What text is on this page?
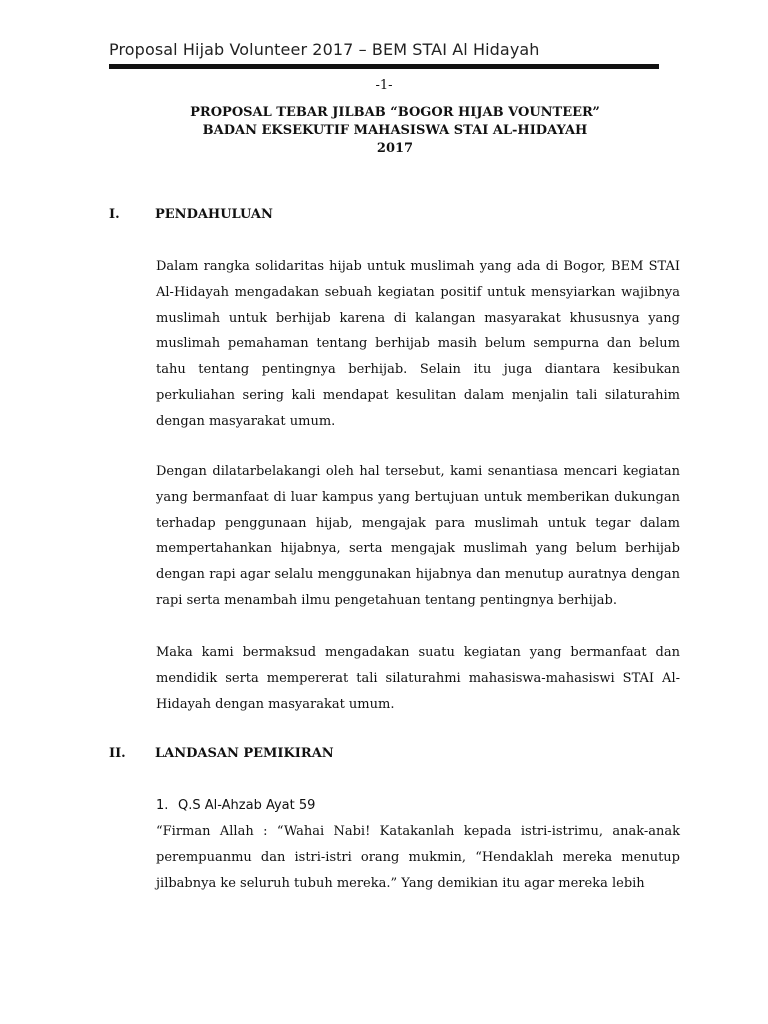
Proposal Hijab Volunteer 2017 – BEM STAI Al Hidayah
-1-
PROPOSAL TEBAR JILBAB “BOGOR HIJAB VOUNTEER”
BADAN EKSEKUTIF MAHASISWA STAI AL-HIDAYAH
2017
I.	PENDAHULUAN

Dalam rangka solidaritas hijab untuk muslimah yang ada di Bogor, BEM STAI Al-Hidayah mengadakan sebuah kegiatan positif untuk mensyiarkan wajibnya muslimah untuk berhijab karena di kalangan masyarakat khususnya yang muslimah pemahaman tentang berhijab masih belum sempurna dan belum tahu tentang pentingnya berhijab. Selain itu juga diantara kesibukan perkuliahan sering kali mendapat kesulitan dalam menjalin tali silaturahim dengan masyarakat umum.

Dengan dilatarbelakangi oleh hal tersebut, kami senantiasa mencari kegiatan yang bermanfaat di luar kampus yang bertujuan untuk memberikan dukungan terhadap penggunaan hijab, mengajak para muslimah untuk tegar dalam mempertahankan hijabnya, serta mengajak muslimah yang belum berhijab dengan rapi agar selalu menggunakan hijabnya dan menutup auratnya dengan rapi serta menambah ilmu pengetahuan tentang pentingnya berhijab.

Maka kami bermaksud mengadakan suatu kegiatan yang bermanfaat dan mendidik serta mempererat tali silaturahmi mahasiswa-mahasiswi STAI Al-Hidayah dengan masyarakat umum.

II. LANDASAN PEMIKIRAN
1. Q.S Al-Ahzab Ayat 59

“Firman Allah : “Wahai Nabi! Katakanlah kepada istri-istrimu, anak-anak perempuanmu dan istri-istri orang mukmin, “Hendaklah mereka menutup jilbabnya ke seluruh tubuh mereka.” Yang demikian itu agar mereka lebih
